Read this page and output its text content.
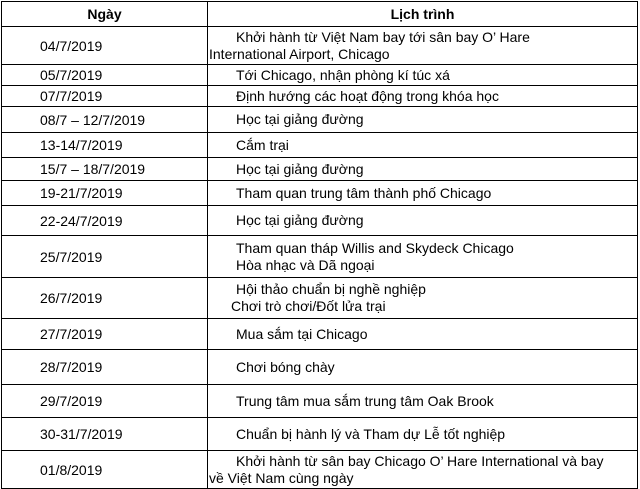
Ngày	Lịch trình
04/7/2019	Khởi hành từ Việt Nam bay tới sân bay O’ Hare
International Airport, Chicago

05/7/2019	Tới Chicago, nhận phòng kí túc xá

07/7/2019	Định hướng các hoạt động trong khóa học

08/7 – 12/7/2019	Học tại giảng đường

13-14/7/2019	Cắm trại

15/7 – 18/7/2019	Học tại giảng đường

19-21/7/2019	Tham quan trung tâm thành phố Chicago

22-24/7/2019	Học tại giảng đường

25/7/2019	Tham quan tháp Willis and Skydeck Chicago
Hòa nhạc và Dã ngoại

26/7/2019	Hội thảo chuẩn bị nghề nghiệp
Chơi trò chơi/Đốt lửa trại

27/7/2019	Mua sắm tại Chicago

28/7/2019	Chơi bóng chày

29/7/2019	Trung tâm mua sắm trung tâm Oak Brook

30-31/7/2019	Chuẩn bị hành lý và Tham dự Lễ tốt nghiệp

01/8/2019	Khởi hành từ sân bay Chicago O’ Hare International và bay
về Việt Nam cùng ngày
